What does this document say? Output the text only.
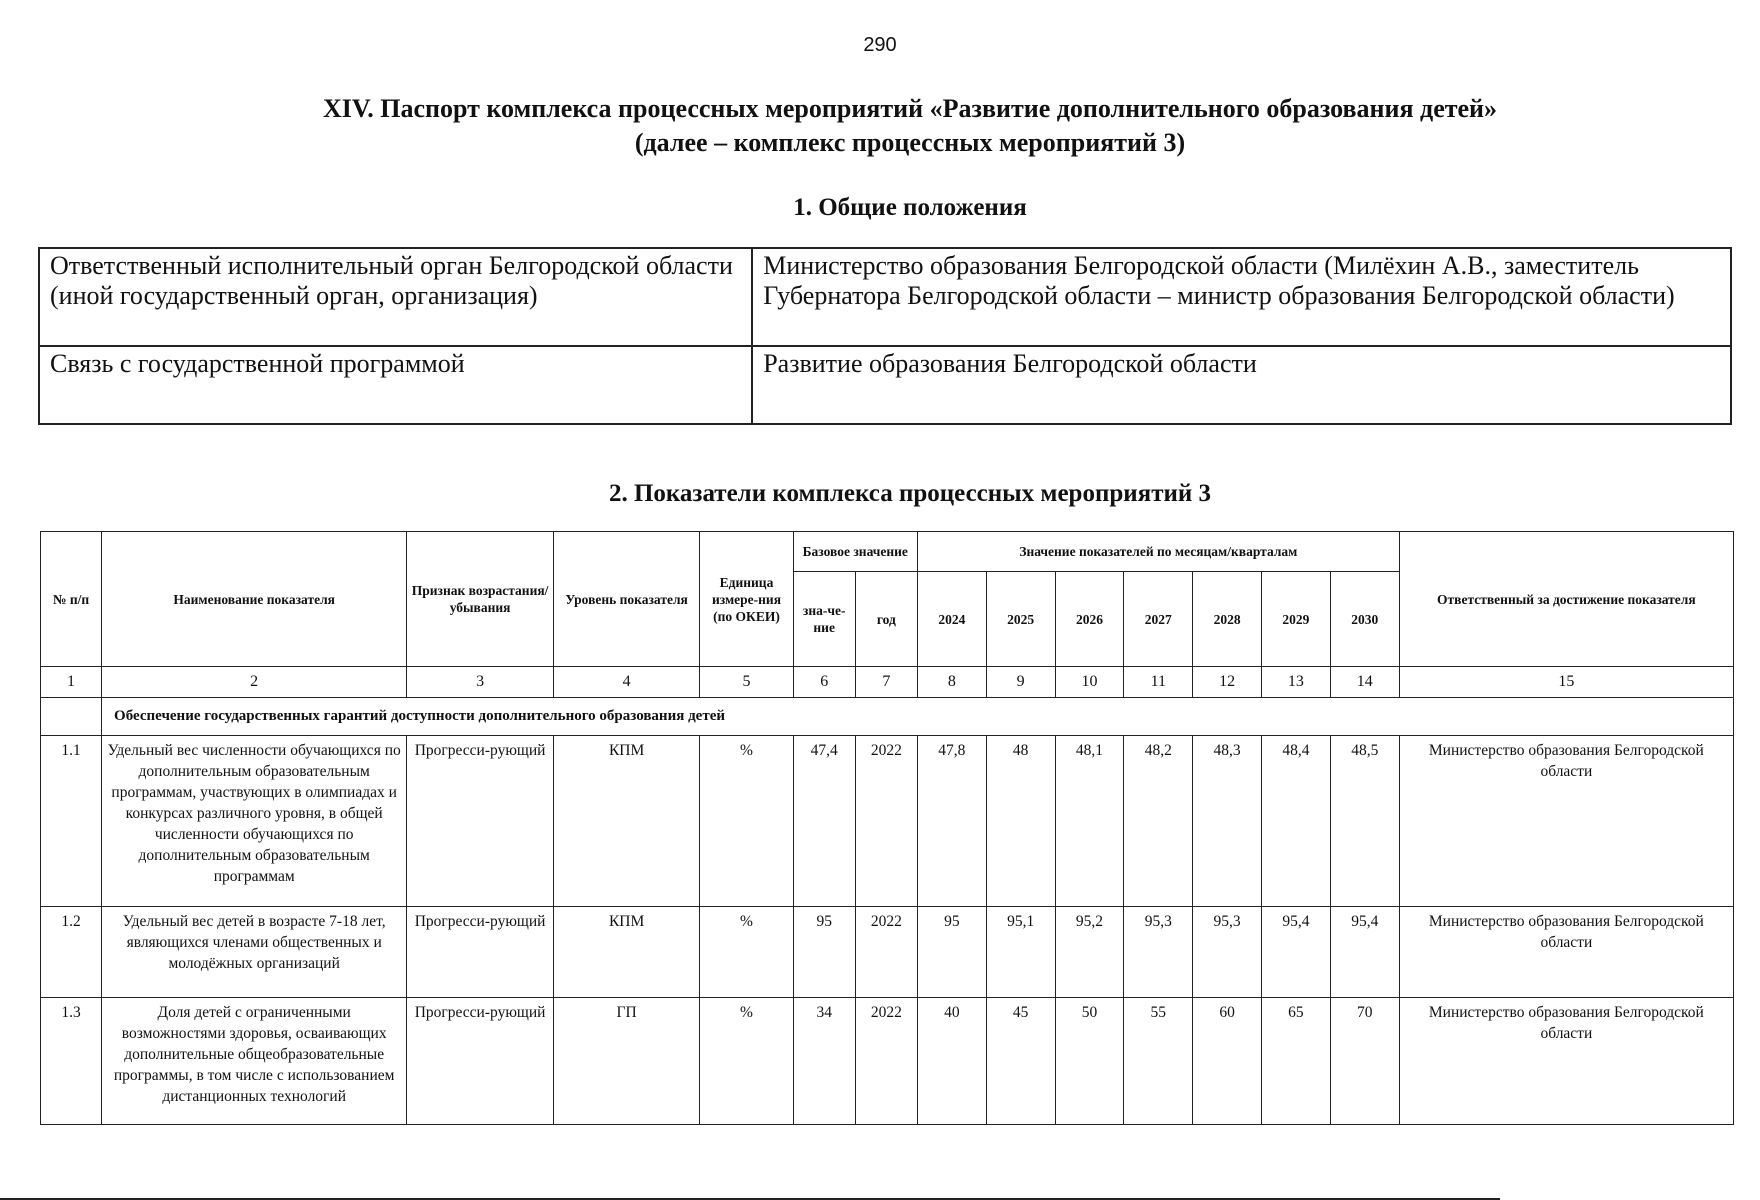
290
XIV. Паспорт комплекса процессных мероприятий «Развитие дополнительного образования детей»
(далее – комплекс процессных мероприятий 3)
1. Общие положения
Ответственный исполнительный орган Белгородской области (иной государственный орган, организация)	Министерство образования Белгородской области (Милёхин А.В., заместитель Губернатора Белгородской области – министр образования Белгородской области)
Связь с государственной программой	Развитие образования Белгородской области
2. Показатели комплекса процессных мероприятий 3
№ п/п	Наименование показателя	Признак возрастания/ убывания	Уровень показателя	Единица измере-ния (по ОКЕИ)	Базовое значение		Значение показателей по месяцам/кварталам							Ответственный за достижение показателя
					зна-че-ние	год	2024	2025	2026	2027	2028	2029	2030	
1	2	3	4	5	6	7	8	9	10	11	12	13	14	15
	Обеспечение государственных гарантий доступности дополнительного образования детей													
1.1	Удельный вес численности обучающихся по дополнительным образовательным программам, участвующих в олимпиадах и конкурсах различного уровня, в общей численности обучающихся по дополнительным образовательным программам	Прогресси-рующий	КПМ	%	47,4	2022	47,8	48	48,1	48,2	48,3	48,4	48,5	Министерство образования Белгородской области
1.2	Удельный вес детей в возрасте 7-18 лет, являющихся членами общественных и молодёжных организаций	Прогресси-рующий	КПМ	%	95	2022	95	95,1	95,2	95,3	95,3	95,4	95,4	Министерство образования Белгородской области
1.3	Доля детей с ограниченными возможностями здоровья, осваивающих дополнительные общеобразовательные программы, в том числе с использованием дистанционных технологий	Прогресси-рующий	ГП	%	34	2022	40	45	50	55	60	65	70	Министерство образования Белгородской области
